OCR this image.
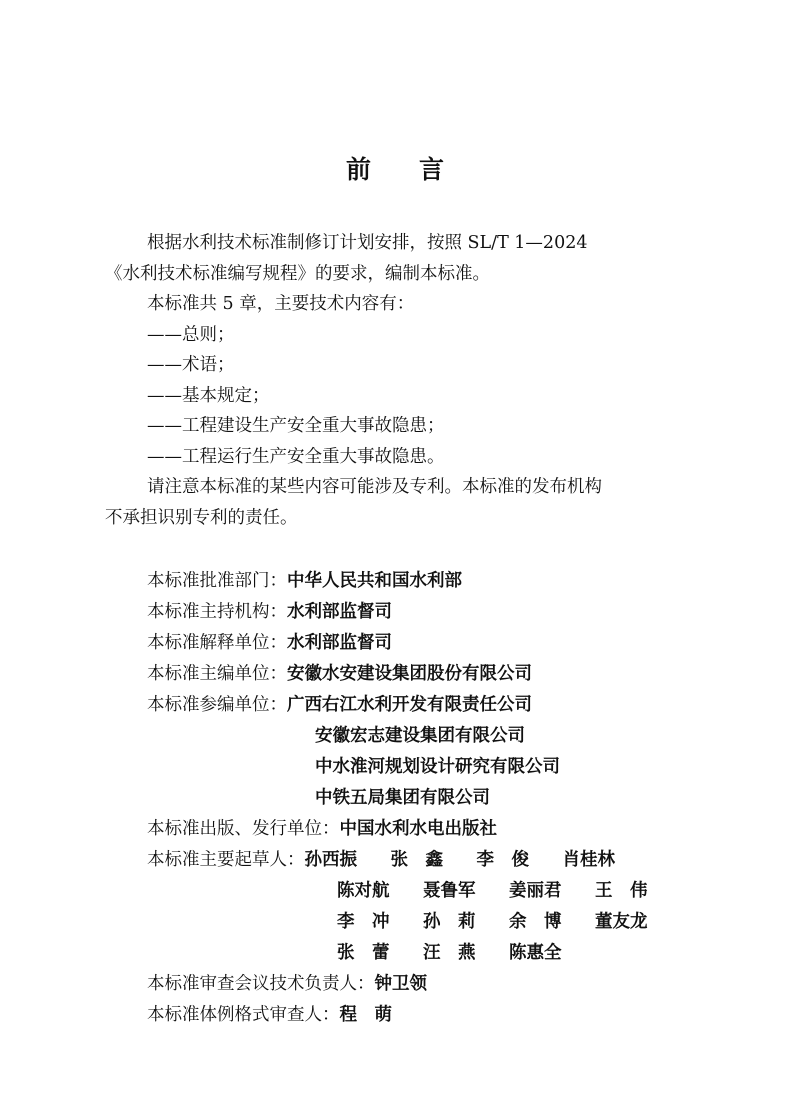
前 言
根据水利技术标准制修订计划安排，按照 SL/T 1—2024
《水利技术标准编写规程》的要求，编制本标准。
本标准共 5 章，主要技术内容有：
——总则；
——术语；
——基本规定；
——工程建设生产安全重大事故隐患；
——工程运行生产安全重大事故隐患。
请注意本标准的某些内容可能涉及专利。本标准的发布机构
不承担识别专利的责任。
本标准批准部门： 中华人民共和国水利部
本标准主持机构： 水利部监督司
本标准解释单位： 水利部监督司
本标准主编单位： 安徽水安建设集团股份有限公司
本标准参编单位： 广西右江水利开发有限责任公司
安徽宏志建设集团有限公司
中水淮河规划设计研究有限公司
中铁五局集团有限公司
本标准出版、发行单位： 中国水利水电出版社
本标准主要起草人： 孙西振	张　鑫	李　俊	肖桂林
陈对航	聂鲁军	姜丽君	王　伟
李　冲	孙　莉	余　博	董友龙
张　蕾	汪　燕	陈惠全
本标准审查会议技术负责人： 钟卫领
本标准体例格式审查人： 程　萌
